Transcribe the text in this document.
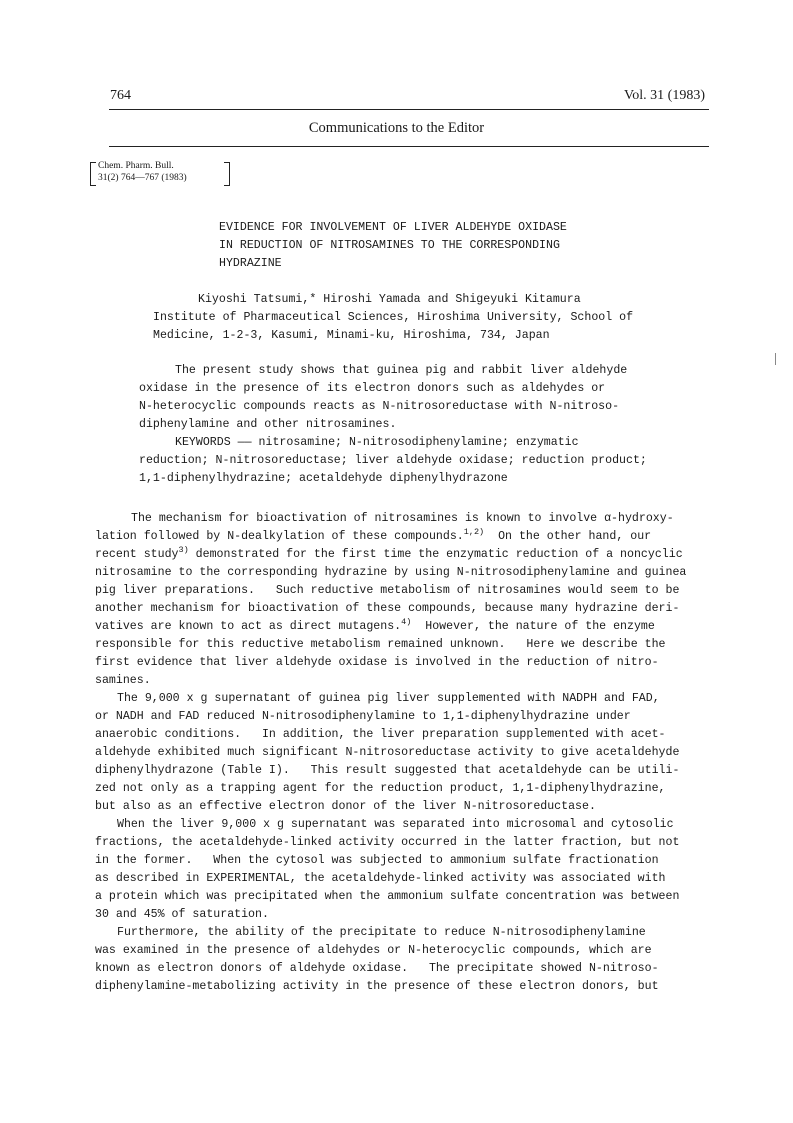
764	Vol. 31 (1983)
Communications to the Editor

Chem. Pharm. Bull.

31(2) 764—767 (1983)

EVIDENCE FOR INVOLVEMENT OF LIVER ALDEHYDE OXIDASE
IN REDUCTION OF NITROSAMINES TO THE CORRESPONDING
HYDRAZINE
Kiyoshi Tatsumi,* Hiroshi Yamada and Shigeyuki Kitamura
Institute of Pharmaceutical Sciences, Hiroshima University, School of
Medicine, 1-2-3, Kasumi, Minami-ku, Hiroshima, 734, Japan
The present study shows that guinea pig and rabbit liver aldehyde
oxidase in the presence of its electron donors such as aldehydes or
N-heterocyclic compounds reacts as N-nitrosoreductase with N-nitroso-
diphenylamine and other nitrosamines.
KEYWORDS —— nitrosamine; N-nitrosodiphenylamine; enzymatic
reduction; N-nitrosoreductase; liver aldehyde oxidase; reduction product;
1,1-diphenylhydrazine; acetaldehyde diphenylhydrazone
The mechanism for bioactivation of nitrosamines is known to involve α-hydroxy-
lation followed by N-dealkylation of these compounds.$^{1,2)}$  On the other hand, our
recent study$^{3)}$ demonstrated for the first time the enzymatic reduction of a noncyclic
nitrosamine to the corresponding hydrazine by using N-nitrosodiphenylamine and guinea
pig liver preparations.   Such reductive metabolism of nitrosamines would seem to be
another mechanism for bioactivation of these compounds, because many hydrazine deri-
vatives are known to act as direct mutagens.$^{4)}$  However, the nature of the enzyme
responsible for this reductive metabolism remained unknown.   Here we describe the
first evidence that liver aldehyde oxidase is involved in the reduction of nitro-
samines.
The 9,000 x g supernatant of guinea pig liver supplemented with NADPH and FAD,
or NADH and FAD reduced N-nitrosodiphenylamine to 1,1-diphenylhydrazine under
anaerobic conditions.   In addition, the liver preparation supplemented with acet-
aldehyde exhibited much significant N-nitrosoreductase activity to give acetaldehyde
diphenylhydrazone (Table I).   This result suggested that acetaldehyde can be utili-
zed not only as a trapping agent for the reduction product, 1,1-diphenylhydrazine,
but also as an effective electron donor of the liver N-nitrosoreductase.
When the liver 9,000 x g supernatant was separated into microsomal and cytosolic
fractions, the acetaldehyde-linked activity occurred in the latter fraction, but not
in the former.   When the cytosol was subjected to ammonium sulfate fractionation
as described in EXPERIMENTAL, the acetaldehyde-linked activity was associated with
a protein which was precipitated when the ammonium sulfate concentration was between
30 and 45% of saturation.
Furthermore, the ability of the precipitate to reduce N-nitrosodiphenylamine
was examined in the presence of aldehydes or N-heterocyclic compounds, which are
known as electron donors of aldehyde oxidase.   The precipitate showed N-nitroso-
diphenylamine-metabolizing activity in the presence of these electron donors, but
